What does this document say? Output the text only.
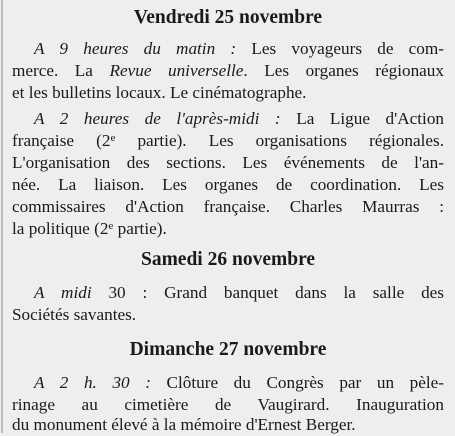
Vendredi 25 novembre
A 9 heures du matin : Les voyageurs de com-
merce. La Revue universelle. Les organes régionaux
et les bulletins locaux. Le cinématographe.
A 2 heures de l'après-midi : La Ligue d'Action
française (2e partie). Les organisations régionales.
L'organisation des sections. Les événements de l'an-
née. La liaison. Les organes de coordination. Les
commissaires d'Action française. Charles Maurras :
la politique (2e partie).
Samedi 26 novembre
A midi 30 : Grand banquet dans la salle des
Sociétés savantes.
Dimanche 27 novembre
A 2 h. 30 : Clôture du Congrès par un pèle-
rinage au cimetière de Vaugirard. Inauguration
du monument élevé à la mémoire d'Ernest Berger.
